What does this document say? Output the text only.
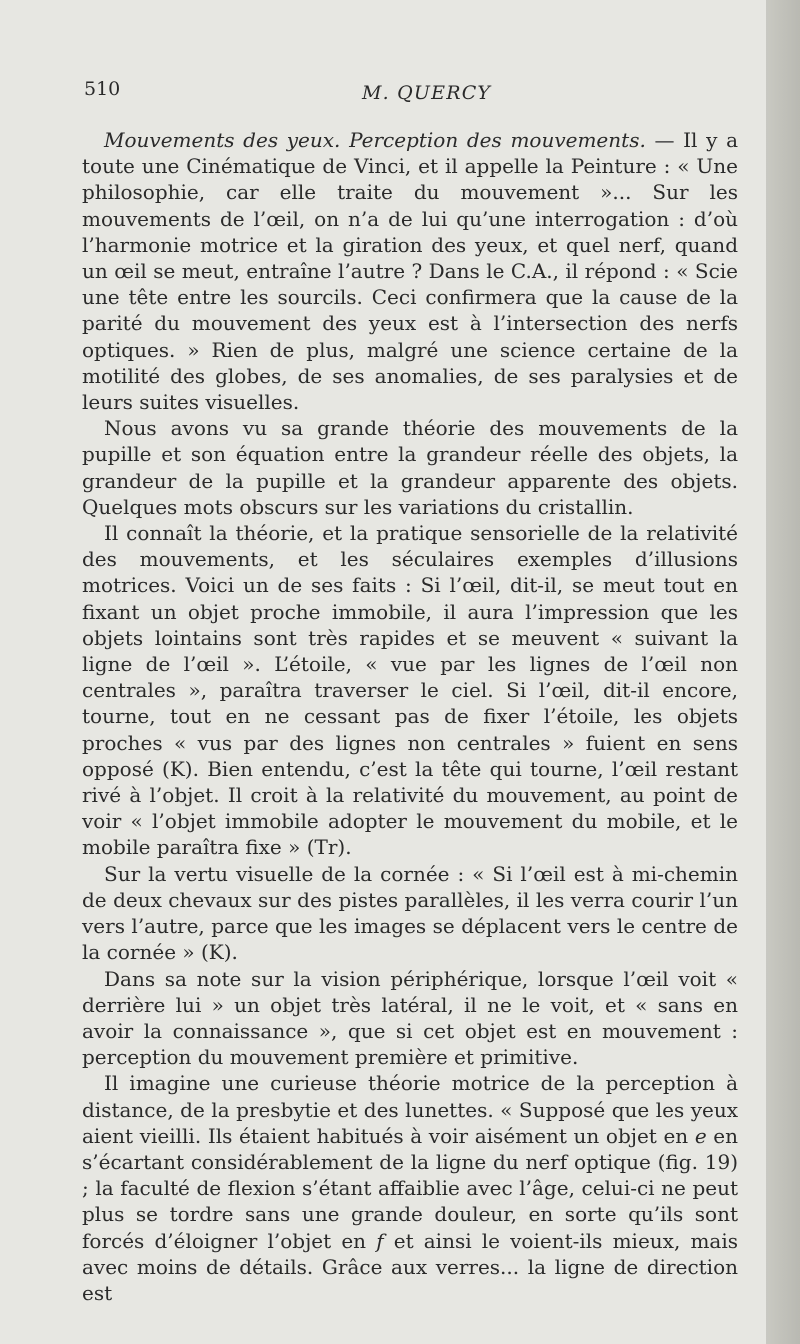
510	M. QUERCY

Mouvements des yeux. Perception des mouvements. — Il y a toute une Cinématique de Vinci, et il appelle la Peinture : « Une philosophie, car elle traite du mouvement »... Sur les mouvements de l’œil, on n’a de lui qu’une interrogation : d’où l’harmonie motrice et la giration des yeux, et quel nerf, quand un œil se meut, entraîne l’autre ? Dans le C.A., il répond : « Scie une tête entre les sourcils. Ceci confirmera que la cause de la parité du mouvement des yeux est à l’intersection des nerfs optiques. » Rien de plus, malgré une science certaine de la motilité des globes, de ses anomalies, de ses paralysies et de leurs suites visuelles.

Nous avons vu sa grande théorie des mouvements de la pupille et son équation entre la grandeur réelle des objets, la grandeur de la pupille et la grandeur apparente des objets. Quelques mots obscurs sur les variations du cristallin.

Il connaît la théorie, et la pratique sensorielle de la relativité des mouvements, et les séculaires exemples d’illusions motrices. Voici un de ses faits : Si l’œil, dit-il, se meut tout en fixant un objet proche immobile, il aura l’impression que les objets lointains sont très rapides et se meuvent « suivant la ligne de l’œil ». L’étoile, « vue par les lignes de l’œil non centrales », paraîtra traverser le ciel. Si l’œil, dit-il encore, tourne, tout en ne cessant pas de fixer l’étoile, les objets proches « vus par des lignes non centrales » fuient en sens opposé (K). Bien entendu, c’est la tête qui tourne, l’œil restant rivé à l’objet. Il croit à la relativité du mouvement, au point de voir « l’objet immobile adopter le mouvement du mobile, et le mobile paraîtra fixe » (Tr).

Sur la vertu visuelle de la cornée : « Si l’œil est à mi-chemin de deux chevaux sur des pistes parallèles, il les verra courir l’un vers l’autre, parce que les images se déplacent vers le centre de la cornée » (K).

Dans sa note sur la vision périphérique, lorsque l’œil voit « derrière lui » un objet très latéral, il ne le voit, et « sans en avoir la connaissance », que si cet objet est en mouvement : perception du mouvement première et primitive.

Il imagine une curieuse théorie motrice de la perception à distance, de la presbytie et des lunettes. « Supposé que les yeux aient vieilli. Ils étaient habitués à voir aisément un objet en e en s’écartant considérablement de la ligne du nerf optique (fig. 19) ; la faculté de flexion s’étant affaiblie avec l’âge, celui-ci ne peut plus se tordre sans une grande douleur, en sorte qu’ils sont forcés d’éloigner l’objet en f et ainsi le voient-ils mieux, mais avec moins de détails. Grâce aux verres... la ligne de direction est
